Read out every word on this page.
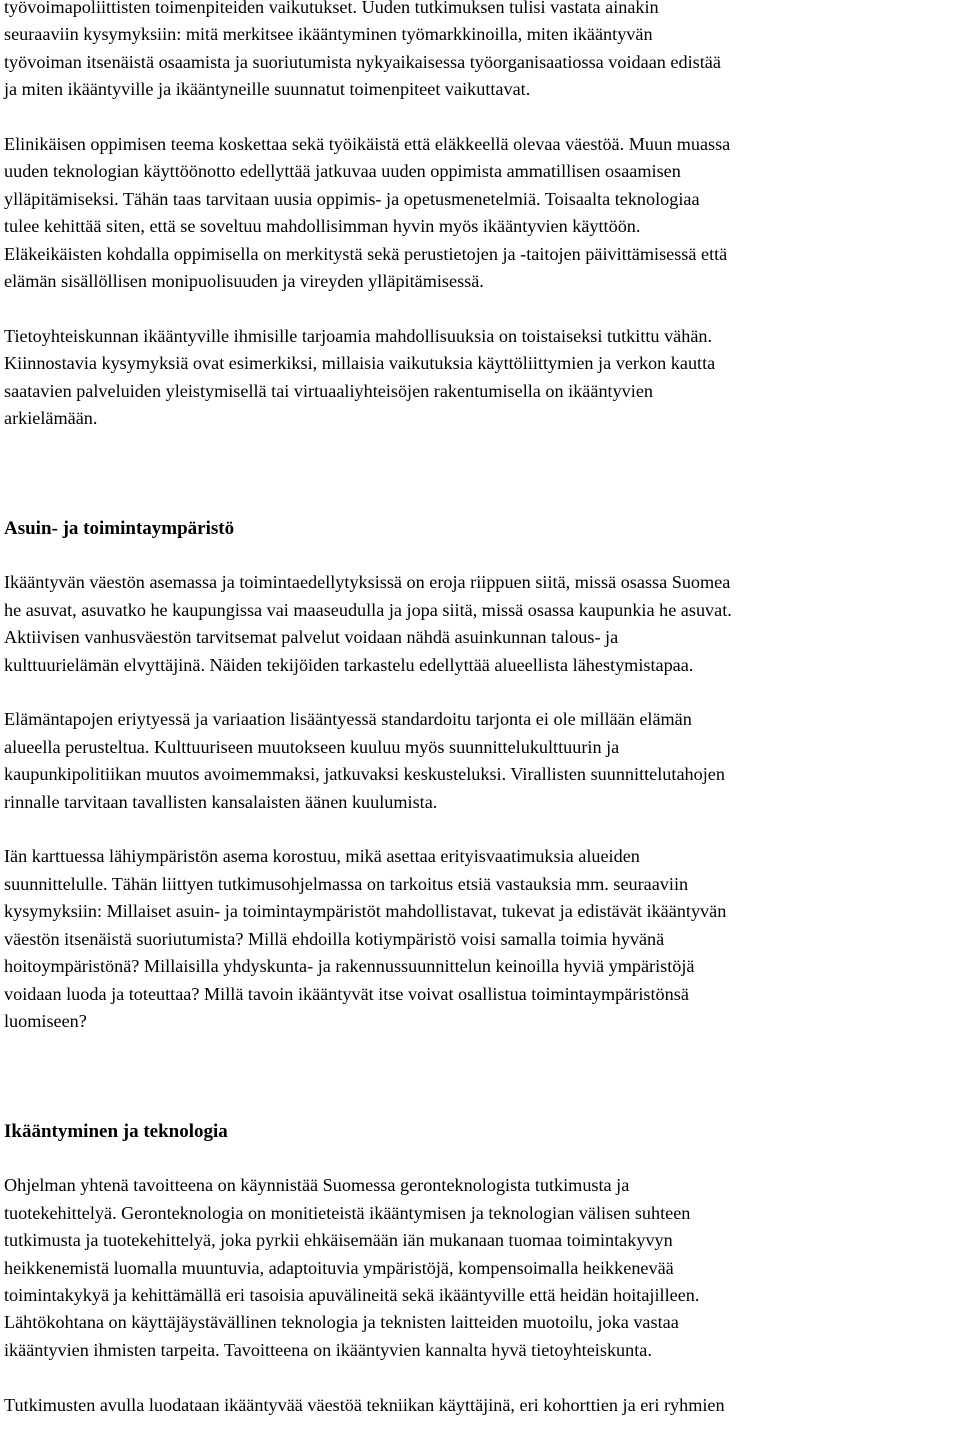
työvoimapoliittisten toimenpiteiden vaikutukset. Uuden tutkimuksen tulisi vastata ainakin
seuraaviin kysymyksiin: mitä merkitsee ikääntyminen työmarkkinoilla, miten ikääntyvän
työvoiman itsenäistä osaamista ja suoriutumista nykyaikaisessa työorganisaatiossa voidaan edistää
ja miten ikääntyville ja ikääntyneille suunnatut toimenpiteet vaikuttavat.
Elinikäisen oppimisen teema koskettaa sekä työikäistä että eläkkeellä olevaa väestöä. Muun muassa
uuden teknologian käyttöönotto edellyttää jatkuvaa uuden oppimista ammatillisen osaamisen
ylläpitämiseksi. Tähän taas tarvitaan uusia oppimis- ja opetusmenetelmiä. Toisaalta teknologiaa
tulee kehittää siten, että se soveltuu mahdollisimman hyvin myös ikääntyvien käyttöön.
Eläkeikäisten kohdalla oppimisella on merkitystä sekä perustietojen ja -taitojen päivittämisessä että
elämän sisällöllisen monipuolisuuden ja vireyden ylläpitämisessä.
Tietoyhteiskunnan ikääntyville ihmisille tarjoamia mahdollisuuksia on toistaiseksi tutkittu vähän.
Kiinnostavia kysymyksiä ovat esimerkiksi, millaisia vaikutuksia käyttöliittymien ja verkon kautta
saatavien palveluiden yleistymisellä tai virtuaaliyhteisöjen rakentumisella on ikääntyvien
arkielämään.
Asuin- ja toimintaympäristö
Ikääntyvän väestön asemassa ja toimintaedellytyksissä on eroja riippuen siitä, missä osassa Suomea
he asuvat, asuvatko he kaupungissa vai maaseudulla ja jopa siitä, missä osassa kaupunkia he asuvat.
Aktiivisen vanhusväestön tarvitsemat palvelut voidaan nähdä asuinkunnan talous- ja
kulttuurielämän elvyttäjinä. Näiden tekijöiden tarkastelu edellyttää alueellista lähestymistapaa.
Elämäntapojen eriytyessä ja variaation lisääntyessä standardoitu tarjonta ei ole millään elämän
alueella perusteltua. Kulttuuriseen muutokseen kuuluu myös suunnittelukulttuurin ja
kaupunkipolitiikan muutos avoimemmaksi, jatkuvaksi keskusteluksi. Virallisten suunnittelutahojen
rinnalle tarvitaan tavallisten kansalaisten äänen kuulumista.
Iän karttuessa lähiympäristön asema korostuu, mikä asettaa erityisvaatimuksia alueiden
suunnittelulle. Tähän liittyen tutkimusohjelmassa on tarkoitus etsiä vastauksia mm. seuraaviin
kysymyksiin: Millaiset asuin- ja toimintaympäristöt mahdollistavat, tukevat ja edistävät ikääntyvän
väestön itsenäistä suoriutumista? Millä ehdoilla kotiympäristö voisi samalla toimia hyvänä
hoitoympäristönä? Millaisilla yhdyskunta- ja rakennussuunnittelun keinoilla hyviä ympäristöjä
voidaan luoda ja toteuttaa? Millä tavoin ikääntyvät itse voivat osallistua toimintaympäristönsä
luomiseen?
Ikääntyminen ja teknologia
Ohjelman yhtenä tavoitteena on käynnistää Suomessa geronteknologista tutkimusta ja
tuotekehittelyä. Geronteknologia on monitieteistä ikääntymisen ja teknologian välisen suhteen
tutkimusta ja tuotekehittelyä, joka pyrkii ehkäisemään iän mukanaan tuomaa toimintakyvyn
heikkenemistä luomalla muuntuvia, adaptoituvia ympäristöjä, kompensoimalla heikkenevää
toimintakykyä ja kehittämällä eri tasoisia apuvälineitä sekä ikääntyville että heidän hoitajilleen.
Lähtökohtana on käyttäjäystävällinen teknologia ja teknisten laitteiden muotoilu, joka vastaa
ikääntyvien ihmisten tarpeita. Tavoitteena on ikääntyvien kannalta hyvä tietoyhteiskunta.
Tutkimusten avulla luodataan ikääntyvää väestöä tekniikan käyttäjinä, eri kohorttien ja eri ryhmien
